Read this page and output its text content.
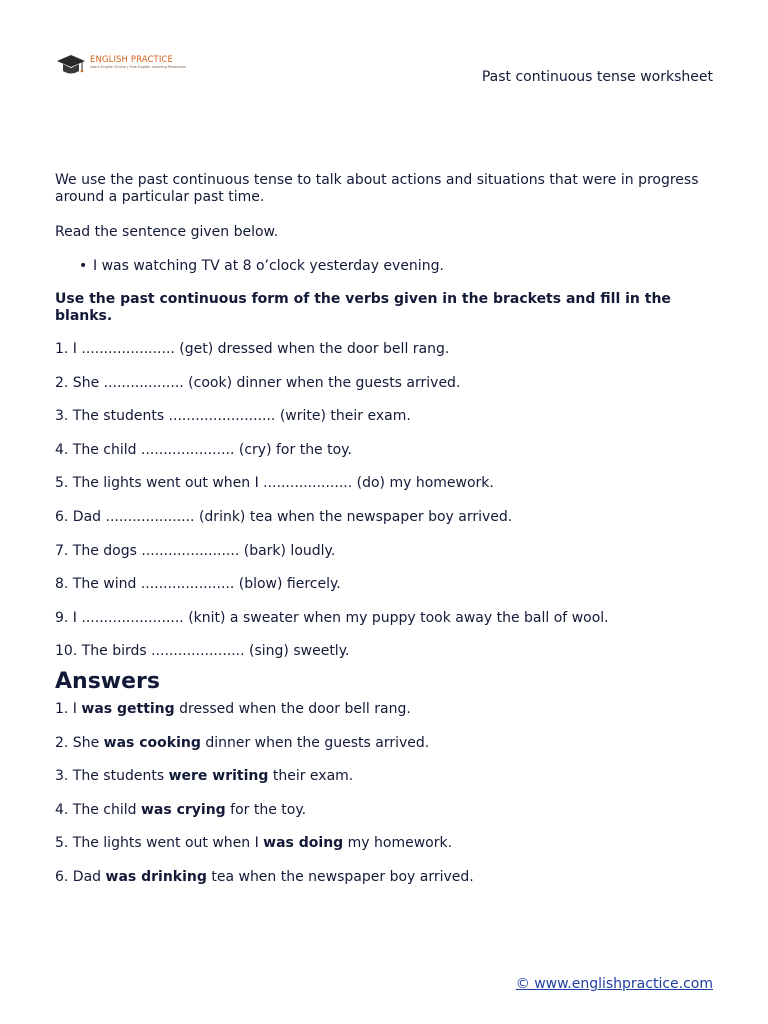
ENGLISH PRACTICE
Learn English Online | Free English Learning Resources
Past continuous tense worksheet

We use the past continuous tense to talk about actions and situations that were in progress around a particular past time.

Read the sentence given below.

• I was watching TV at 8 o’clock yesterday evening.

Use the past continuous form of the verbs given in the brackets and fill in the blanks.

1. I ..................... (get) dressed when the door bell rang.
2. She .................. (cook) dinner when the guests arrived.
3. The students ........................ (write) their exam.
4. The child ..................... (cry) for the toy.
5. The lights went out when I .................... (do) my homework.
6. Dad .................... (drink) tea when the newspaper boy arrived.
7. The dogs ...................... (bark) loudly.
8. The wind ..................... (blow) fiercely.
9. I ....................... (knit) a sweater when my puppy took away the ball of wool.
10. The birds ..................... (sing) sweetly.
Answers
1. I was getting dressed when the door bell rang.
2. She was cooking dinner when the guests arrived.
3. The students were writing their exam.
4. The child was crying for the toy.
5. The lights went out when I was doing my homework.
6. Dad was drinking tea when the newspaper boy arrived.
© www.englishpractice.com
